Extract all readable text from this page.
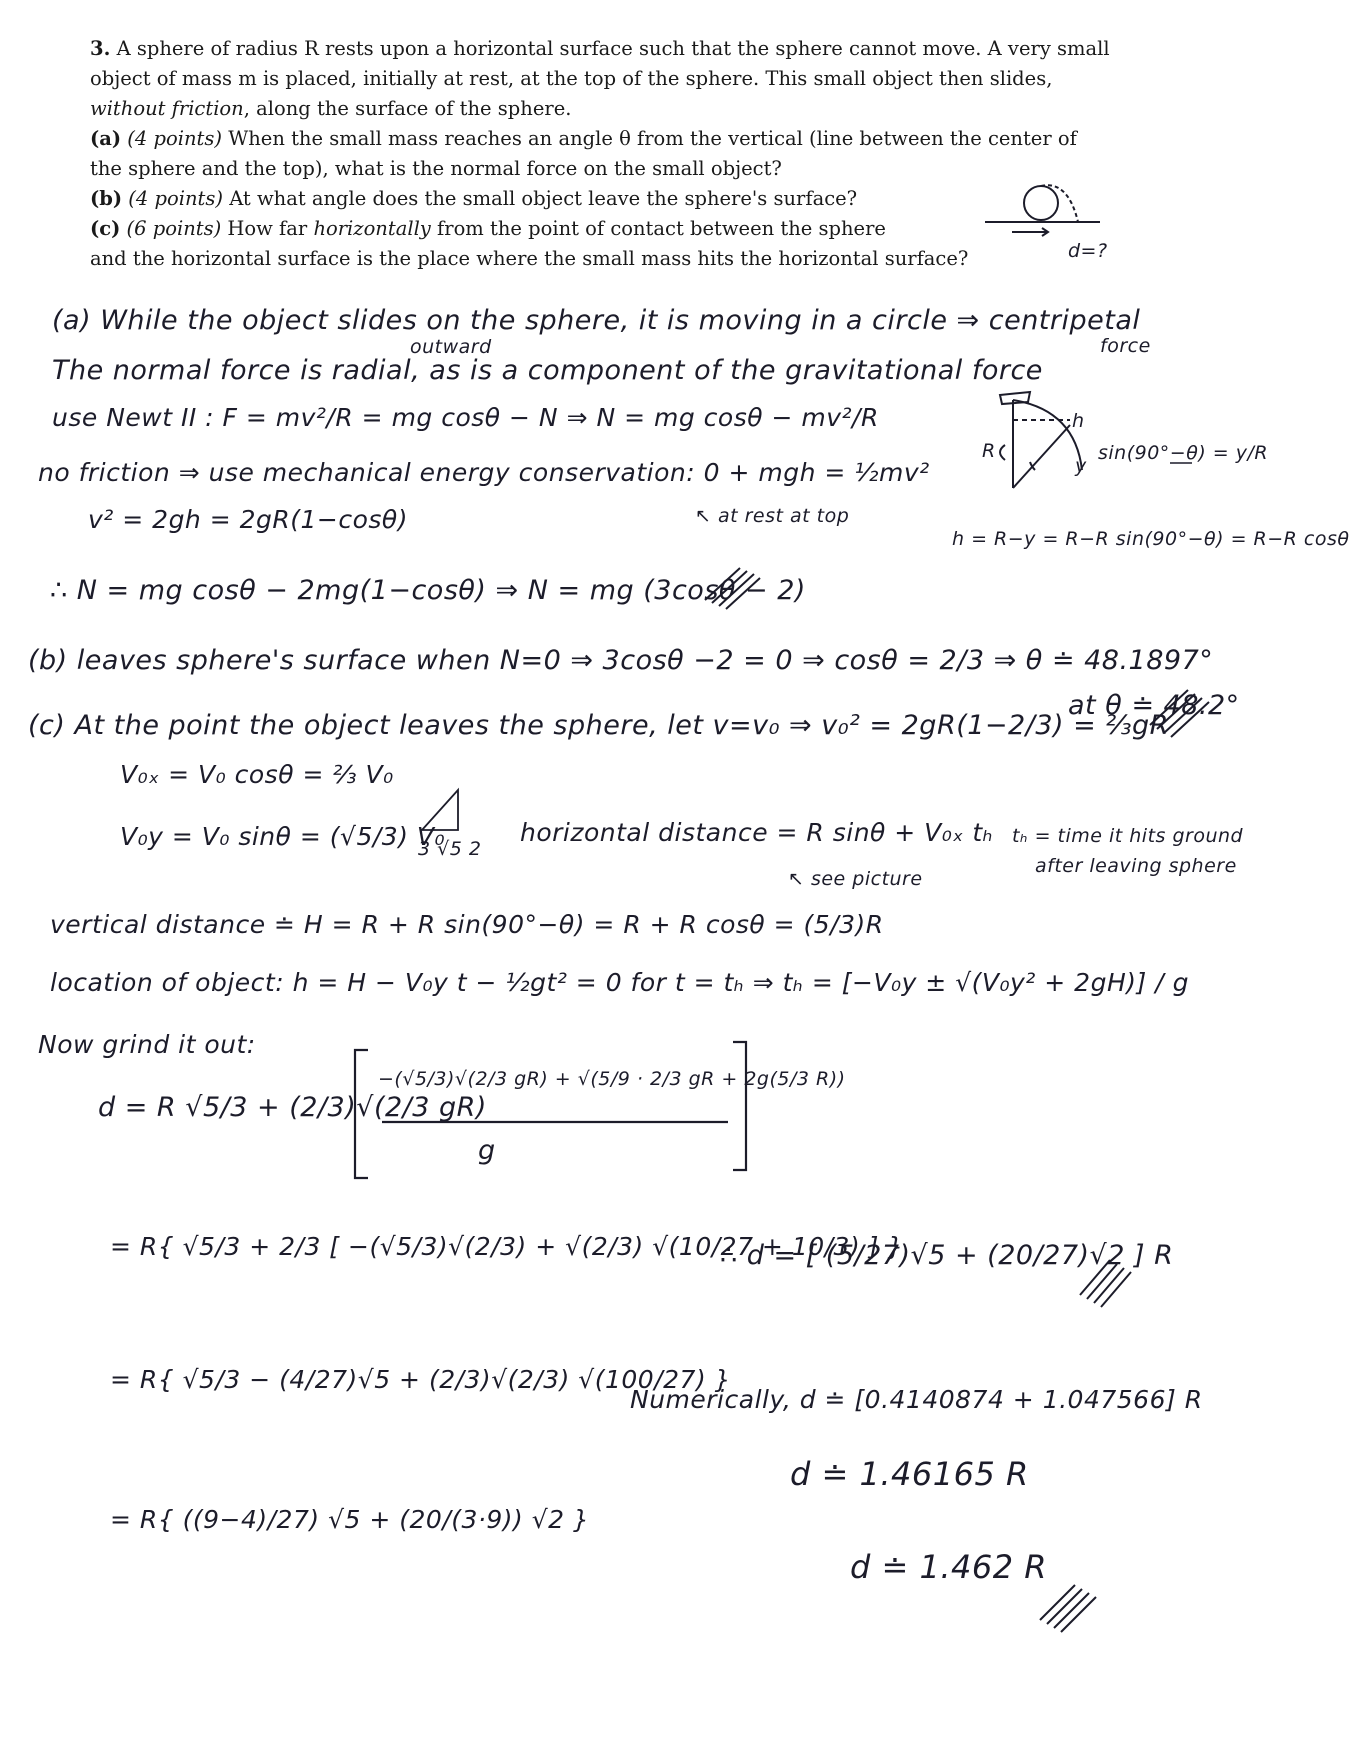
3. A sphere of radius R rests upon a horizontal surface such that the sphere cannot move. A very small
object of mass m is placed, initially at rest, at the top of the sphere. This small object then slides,
without friction, along the surface of the sphere.
(a) (4 points) When the small mass reaches an angle θ from the vertical (line between the center of
the sphere and the top), what is the normal force on the small object?
(b) (4 points) At what angle does the small object leave the sphere's surface?
(c) (6 points) How far horizontally from the point of contact between the sphere
and the horizontal surface is the place where the small mass hits the horizontal surface?
(a) While the object slides on the sphere, it is moving in a circle ⇒ centripetal
force
outward
The normal force is radial, as is a component of the gravitational force
use Newt II : F = mv²/R = mg cosθ − N ⇒ N = mg cosθ − mv²/R
no friction ⇒ use mechanical energy conservation: 0 + mgh = ½mv²
↖ at rest at top
v² = 2gh = 2gR(1−cosθ)
∴ N = mg cosθ − 2mg(1−cosθ) ⇒ N = mg (3cosθ − 2)
R
h
y
sin(90°−θ) = y/R
h = R−y = R−R sin(90°−θ) = R−R cosθ
(b) leaves sphere's surface when N=0 ⇒ 3cosθ −2 = 0 ⇒ cosθ = 2/3 ⇒ θ ≐ 48.1897°
at θ ≐ 48.2°
(c) At the point the object leaves the sphere, let v=v₀ ⇒ v₀² = 2gR(1−2/3) = ⅔gR
V₀ₓ = V₀ cosθ = ⅔ V₀
V₀y = V₀ sinθ = (√5/3) V₀
3 √5 2
horizontal distance = R sinθ + V₀ₓ tₕ
↖ see picture
tₕ = time it hits ground
after leaving sphere
vertical distance ≐ H = R + R sin(90°−θ) = R + R cosθ = (5/3)R
location of object: h = H − V₀y t − ½gt² = 0 for t = tₕ ⇒ tₕ = [−V₀y ± √(V₀y² + 2gH)] / g
Now grind it out:
d = R √5/3 + (2/3)√(2/3 gR)
−(√5/3)√(2/3 gR) + √(5/9 · 2/3 gR + 2g(5/3 R))
g
= R{ √5/3 + 2/3 [ −(√5/3)√(2/3) + √(2/3) √(10/27 + 10/3) ] }
= R{ √5/3 − (4/27)√5 + (2/3)√(2/3) √(100/27) }
= R{ ((9−4)/27) √5 + (20/(3·9)) √2 }
∴ d = [ (5/27)√5 + (20/27)√2 ] R
Numerically, d ≐ [0.4140874 + 1.047566] R
d ≐ 1.46165 R
d ≐ 1.462 R
d=?
